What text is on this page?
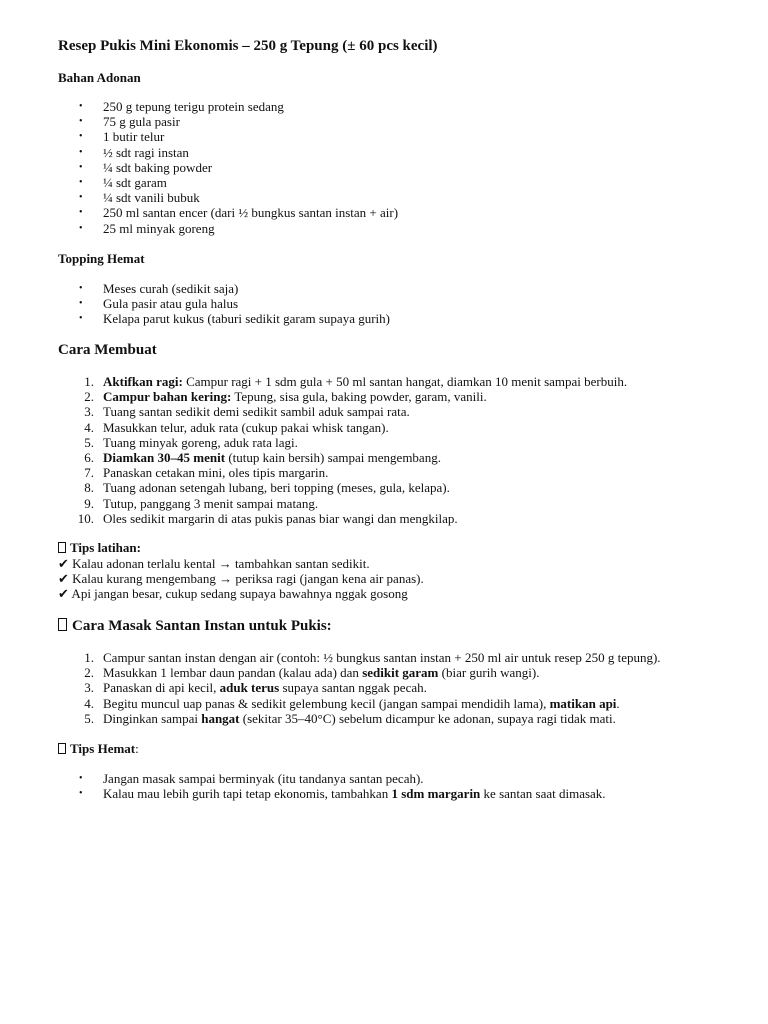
Resep Pukis Mini Ekonomis – 250 g Tepung (± 60 pcs kecil)
Bahan Adonan
• 250 g tepung terigu protein sedang
• 75 g gula pasir
• 1 butir telur
• ½ sdt ragi instan
• ¼ sdt baking powder
• ¼ sdt garam
• ¼ sdt vanili bubuk
• 250 ml santan encer (dari ½ bungkus santan instan + air)
• 25 ml minyak goreng
Topping Hemat
• Meses curah (sedikit saja)
• Gula pasir atau gula halus
• Kelapa parut kukus (taburi sedikit garam supaya gurih)
Cara Membuat
1. Aktifkan ragi: Campur ragi + 1 sdm gula + 50 ml santan hangat, diamkan 10 menit sampai berbuih.
2. Campur bahan kering: Tepung, sisa gula, baking powder, garam, vanili.
3. Tuang santan sedikit demi sedikit sambil aduk sampai rata.
4. Masukkan telur, aduk rata (cukup pakai whisk tangan).
5. Tuang minyak goreng, aduk rata lagi.
6. Diamkan 30–45 menit (tutup kain bersih) sampai mengembang.
7. Panaskan cetakan mini, oles tipis margarin.
8. Tuang adonan setengah lubang, beri topping (meses, gula, kelapa).
9. Tutup, panggang 3 menit sampai matang.
10. Oles sedikit margarin di atas pukis panas biar wangi dan mengkilap.
Tips latihan:
✔ Kalau adonan terlalu kental → tambahkan santan sedikit.
✔ Kalau kurang mengembang → periksa ragi (jangan kena air panas).
✔ Api jangan besar, cukup sedang supaya bawahnya nggak gosong
Cara Masak Santan Instan untuk Pukis:
1. Campur santan instan dengan air (contoh: ½ bungkus santan instan + 250 ml air untuk resep 250 g tepung).
2. Masukkan 1 lembar daun pandan (kalau ada) dan sedikit garam (biar gurih wangi).
3. Panaskan di api kecil, aduk terus supaya santan nggak pecah.
4. Begitu muncul uap panas & sedikit gelembung kecil (jangan sampai mendidih lama), matikan api.
5. Dinginkan sampai hangat (sekitar 35–40°C) sebelum dicampur ke adonan, supaya ragi tidak mati.
Tips Hemat:
• Jangan masak sampai berminyak (itu tandanya santan pecah).
• Kalau mau lebih gurih tapi tetap ekonomis, tambahkan 1 sdm margarin ke santan saat dimasak.
